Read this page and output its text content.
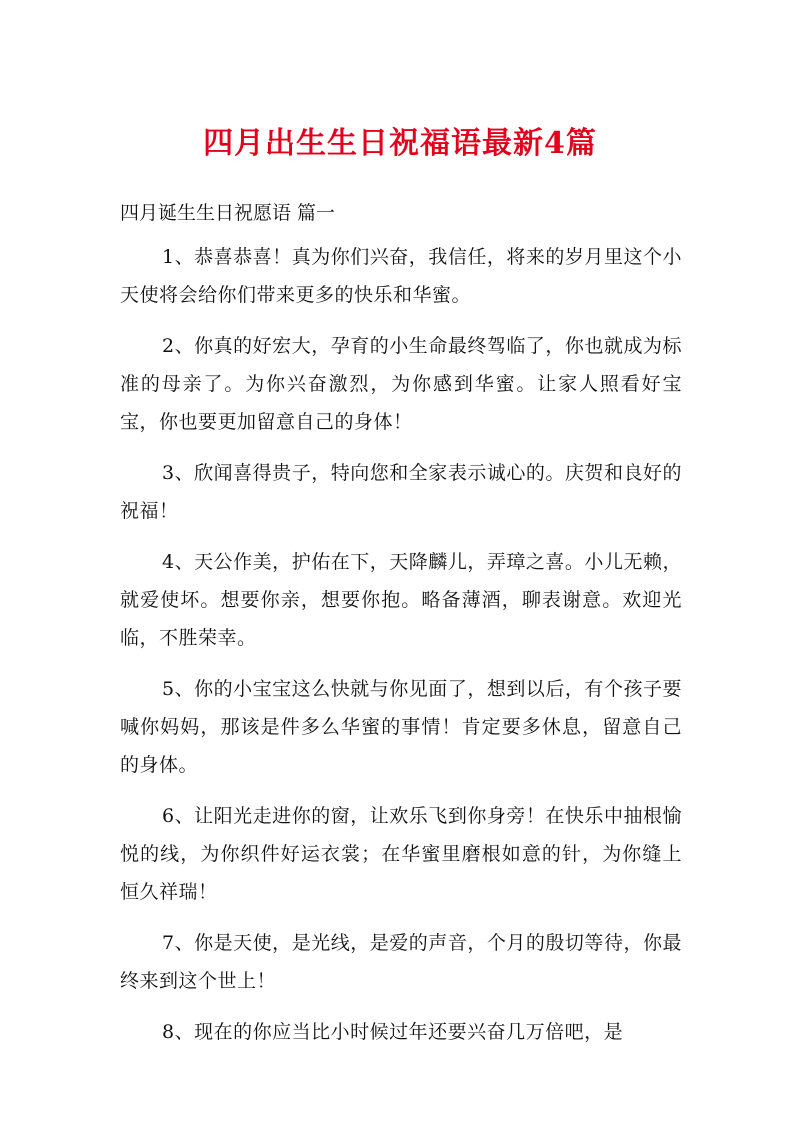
四月出生生日祝福语最新4篇

四月诞生生日祝愿语 篇一

1、恭喜恭喜！真为你们兴奋，我信任，将来的岁月里这个小天使将会给你们带来更多的快乐和华蜜。

2、你真的好宏大，孕育的小生命最终驾临了，你也就成为标准的母亲了。为你兴奋激烈，为你感到华蜜。让家人照看好宝宝，你也要更加留意自己的身体！

3、欣闻喜得贵子，特向您和全家表示诚心的。庆贺和良好的祝福！

4、天公作美，护佑在下，天降麟儿，弄璋之喜。小儿无赖，就爱使坏。想要你亲，想要你抱。略备薄酒，聊表谢意。欢迎光临，不胜荣幸。

5、你的小宝宝这么快就与你见面了，想到以后，有个孩子要喊你妈妈，那该是件多么华蜜的事情！肯定要多休息，留意自己的身体。

6、让阳光走进你的窗，让欢乐飞到你身旁！在快乐中抽根愉悦的线，为你织件好运衣裳；在华蜜里磨根如意的针，为你缝上恒久祥瑞！

7、你是天使，是光线，是爱的声音，个月的殷切等待，你最终来到这个世上！

8、现在的你应当比小时候过年还要兴奋几万倍吧，是
